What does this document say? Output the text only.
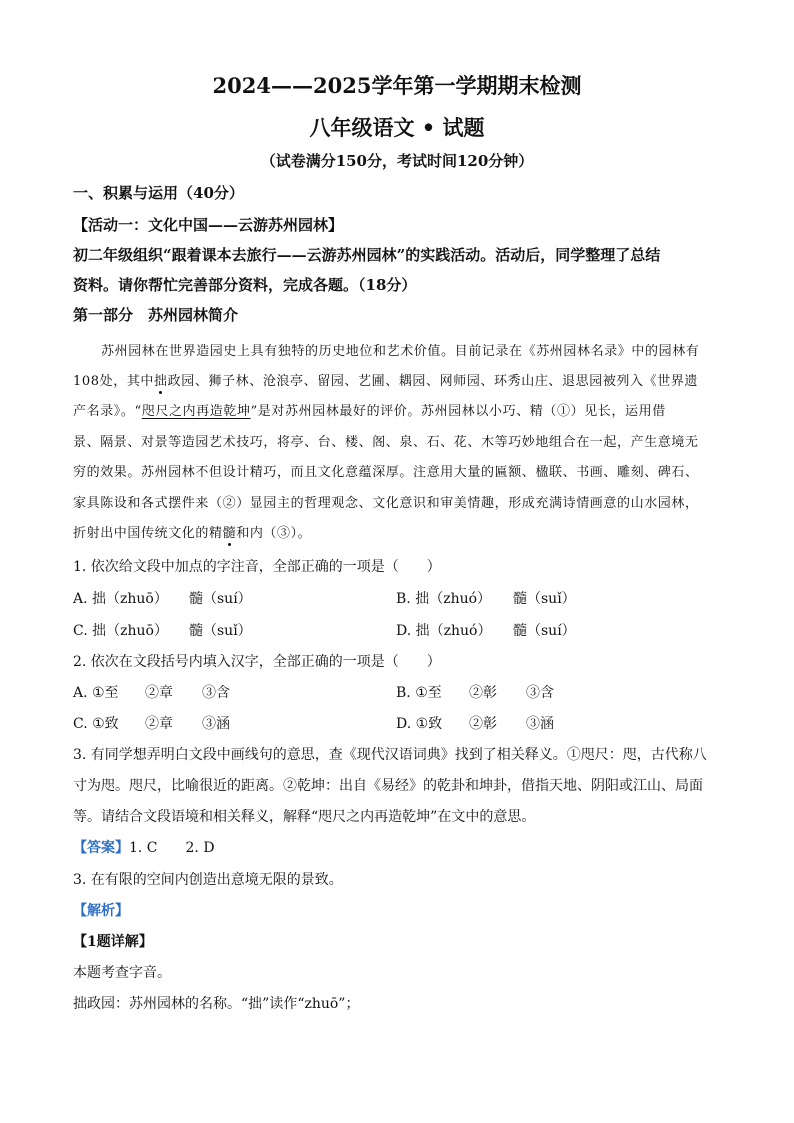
2024——2025学年第一学期期末检测
八年级语文 • 试题
（试卷满分150分，考试时间120分钟）
一、积累与运用（40分）
【活动一：文化中国——云游苏州园林】
初二年级组织“跟着课本去旅行——云游苏州园林”的实践活动。活动后，同学整理了总结
资料。请你帮忙完善部分资料，完成各题。（18分）
第一部分　苏州园林简介
苏州园林在世界造园史上具有独特的历史地位和艺术价值。目前记录在《苏州园林名录》中的园林有
108处，其中拙政园、狮子林、沧浪亭、留园、艺圃、耦园、网师园、环秀山庄、退思园被列入《世界遗
产名录》。“咫尺之内再造乾坤”是对苏州园林最好的评价。苏州园林以小巧、精（①）见长，运用借
景、隔景、对景等造园艺术技巧，将亭、台、楼、阁、泉、石、花、木等巧妙地组合在一起，产生意境无
穷的效果。苏州园林不但设计精巧，而且文化意蕴深厚。注意用大量的匾额、楹联、书画、雕刻、碑石、
家具陈设和各式摆件来（②）显园主的哲理观念、文化意识和审美情趣，形成充满诗情画意的山水园林，
折射出中国传统文化的精髓和内（③）。
1. 依次给文段中加点的字注音，全部正确的一项是（　　）
A. 拙（zhuō） 髓（suí）	B. 拙（zhuó） 髓（suǐ）
C. 拙（zhuō） 髓（suǐ）	D. 拙（zhuó） 髓（suí）
2. 依次在文段括号内填入汉字，全部正确的一项是（　　）
A. ①至 ②章 ③含	B. ①至 ②彰 ③含
C. ①致 ②章 ③涵	D. ①致 ②彰 ③涵
3. 有同学想弄明白文段中画线句的意思，查《现代汉语词典》找到了相关释义。①咫尺：咫，古代称八
寸为咫。咫尺，比喻很近的距离。②乾坤：出自《易经》的乾卦和坤卦，借指天地、阴阳或江山、局面
等。请结合文段语境和相关释义，解释“咫尺之内再造乾坤”在文中的意思。
【答案】1. C　　2. D
3. 在有限的空间内创造出意境无限的景致。
【解析】
【1题详解】
本题考查字音。
拙政园：苏州园林的名称。“拙”读作“zhuō”；
